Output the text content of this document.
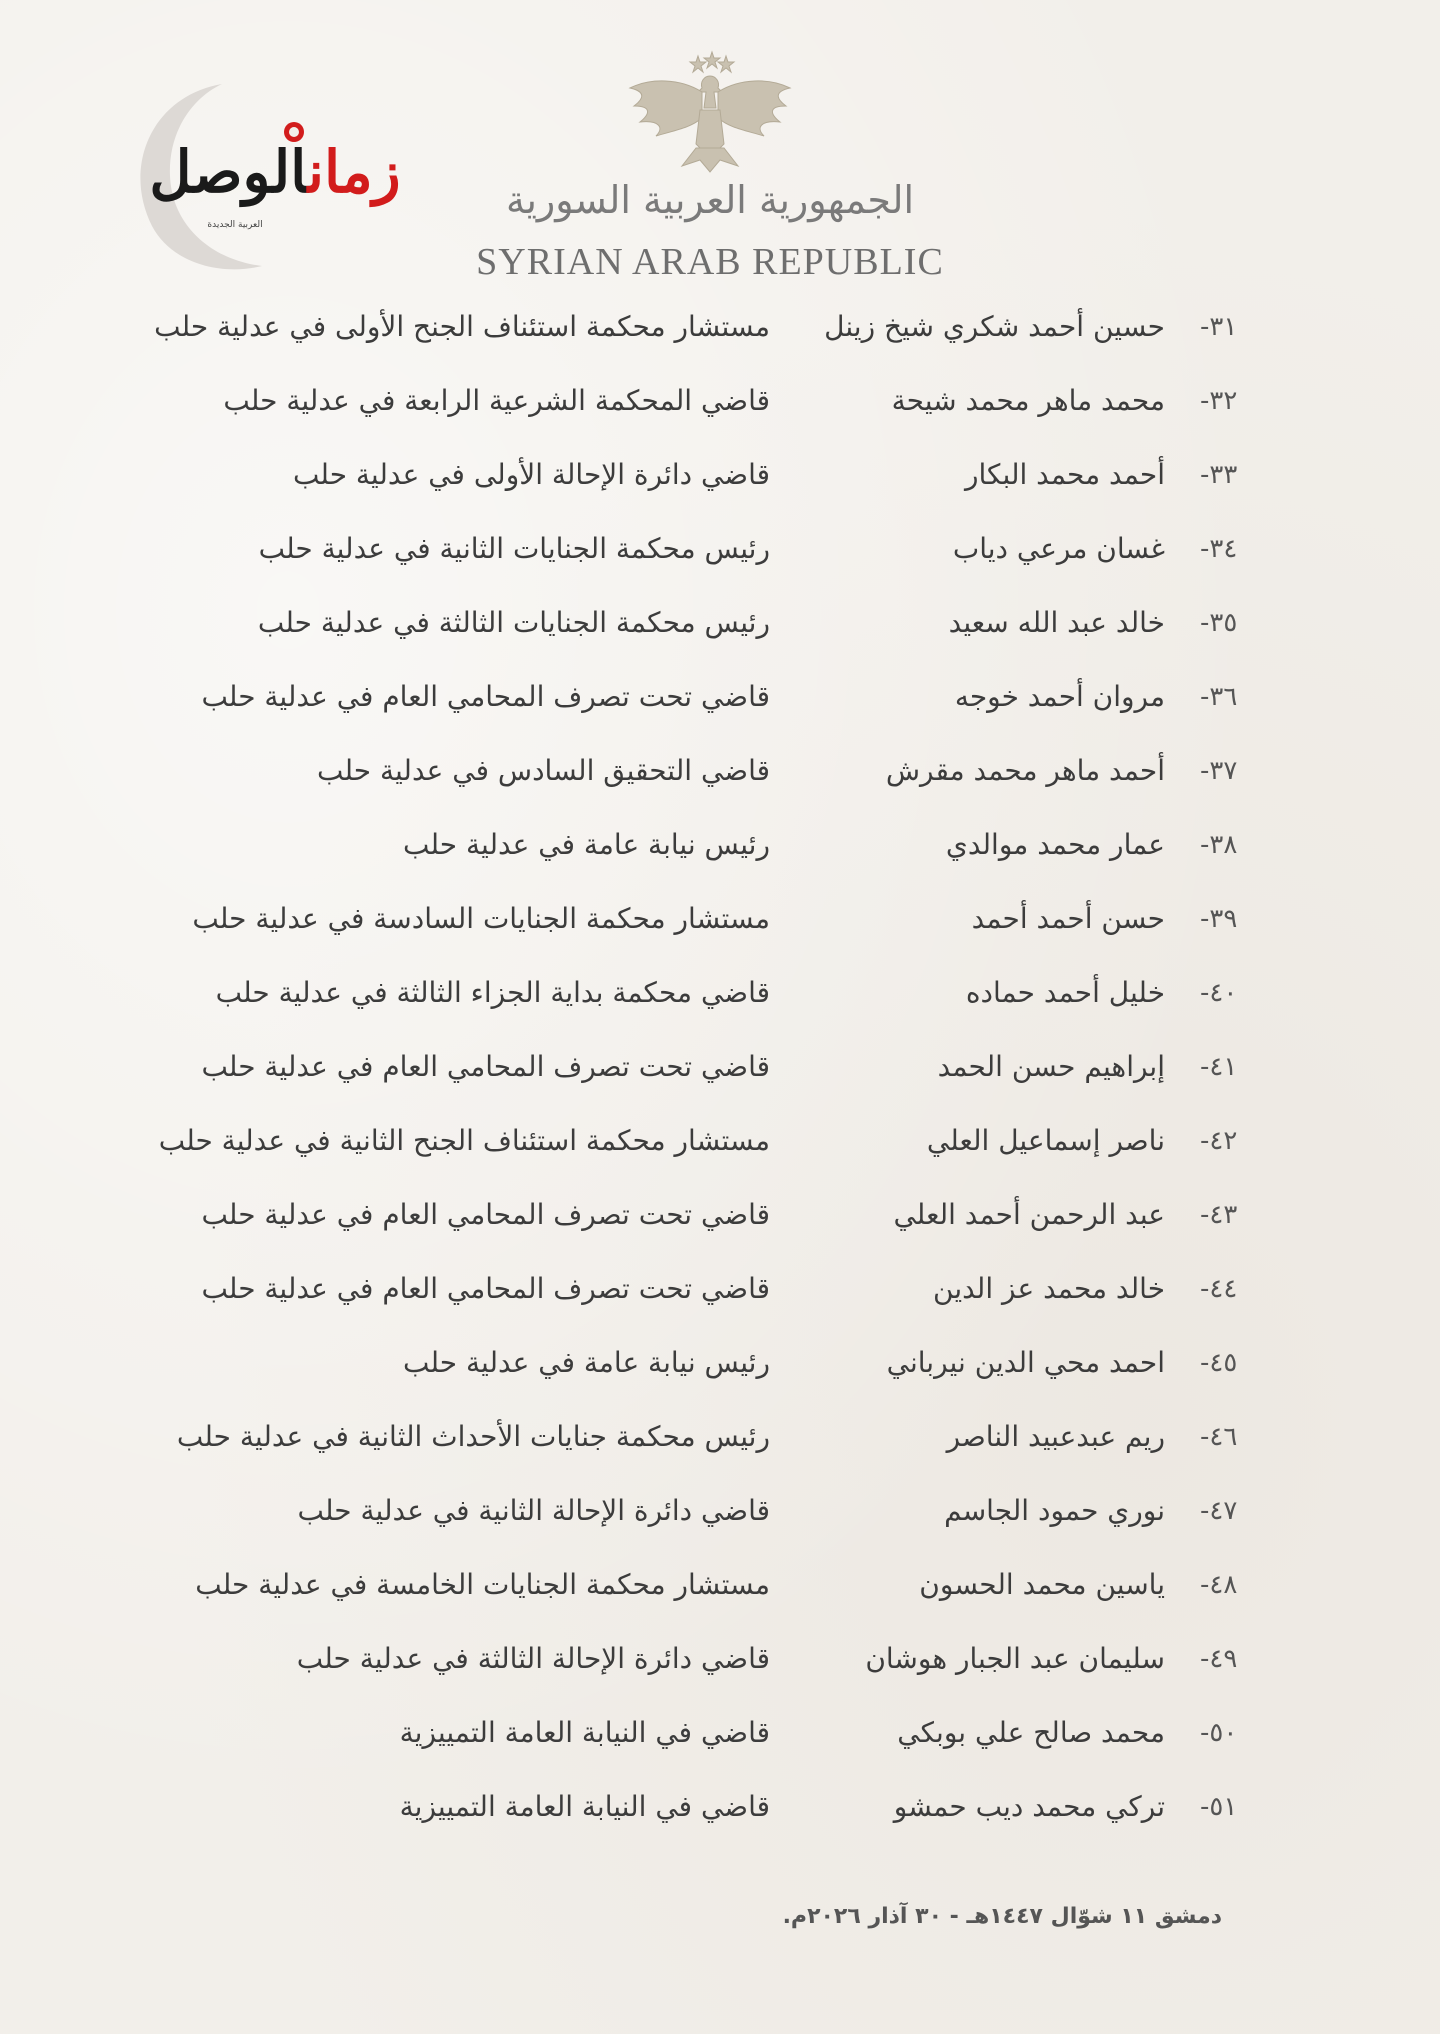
الجمهورية العربية السورية
SYRIAN ARAB REPUBLIC
زمانالوصل
العربية الجديدة
-٣١
حسين أحمد شكري شيخ زينل
مستشار محكمة استئناف الجنح الأولى في عدلية حلب
-٣٢
محمد ماهر محمد شيحة
قاضي المحكمة الشرعية الرابعة في عدلية حلب
-٣٣
أحمد محمد البكار
قاضي دائرة الإحالة الأولى في عدلية حلب
-٣٤
غسان مرعي دياب
رئيس محكمة الجنايات الثانية في عدلية حلب
-٣٥
خالد عبد الله سعيد
رئيس محكمة الجنايات الثالثة في عدلية حلب
-٣٦
مروان أحمد خوجه
قاضي تحت تصرف المحامي العام في عدلية حلب
-٣٧
أحمد ماهر محمد مقرش
قاضي التحقيق السادس في عدلية حلب
-٣٨
عمار محمد موالدي
رئيس نيابة عامة في عدلية حلب
-٣٩
حسن أحمد أحمد
مستشار محكمة الجنايات السادسة في عدلية حلب
-٤٠
خليل أحمد حماده
قاضي محكمة بداية الجزاء الثالثة في عدلية حلب
-٤١
إبراهيم حسن الحمد
قاضي تحت تصرف المحامي العام في عدلية حلب
-٤٢
ناصر إسماعيل العلي
مستشار محكمة استئناف الجنح الثانية في عدلية حلب
-٤٣
عبد الرحمن أحمد العلي
قاضي تحت تصرف المحامي العام في عدلية حلب
-٤٤
خالد محمد عز الدين
قاضي تحت تصرف المحامي العام في عدلية حلب
-٤٥
احمد محي الدين نيرباني
رئيس نيابة عامة في عدلية حلب
-٤٦
ريم عبدعبيد الناصر
رئيس محكمة جنايات الأحداث الثانية في عدلية حلب
-٤٧
نوري حمود الجاسم
قاضي دائرة الإحالة الثانية في عدلية حلب
-٤٨
ياسين محمد الحسون
مستشار محكمة الجنايات الخامسة في عدلية حلب
-٤٩
سليمان عبد الجبار هوشان
قاضي دائرة الإحالة الثالثة في عدلية حلب
-٥٠
محمد صالح علي بوبكي
قاضي في النيابة العامة التمييزية
-٥١
تركي محمد ديب حمشو
قاضي في النيابة العامة التمييزية
دمشق ١١ شوّال ١٤٤٧هـ - ٣٠ آذار ٢٠٢٦م.
